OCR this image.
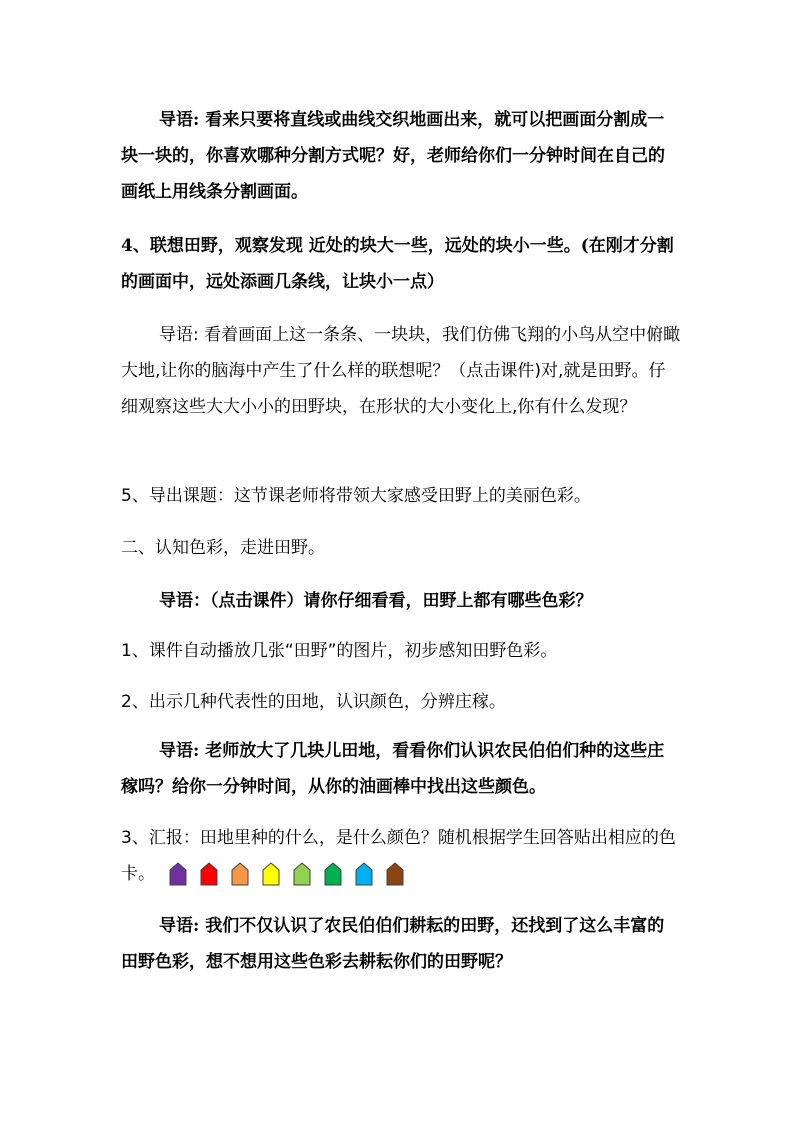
导语: 看来只要将直线或曲线交织地画出来，就可以把画面分割成一块一块的，你喜欢哪种分割方式呢？好，老师给你们一分钟时间在自己的画纸上用线条分割画面。

4、联想田野，观察发现 近处的块大一些，远处的块小一些。(在刚才分割的画面中，远处添画几条线，让块小一点）

导语: 看着画面上这一条条、一块块，我们仿佛飞翔的小鸟从空中俯瞰大地,让你的脑海中产生了什么样的联想呢？（点击课件)对,就是田野。仔细观察这些大大小小的田野块，在形状的大小变化上,你有什么发现？

5、导出课题：这节课老师将带领大家感受田野上的美丽色彩。

二、认知色彩，走进田野。

导语：（点击课件）请你仔细看看，田野上都有哪些色彩？

1、课件自动播放几张“田野”的图片，初步感知田野色彩。

2、出示几种代表性的田地，认识颜色，分辨庄稼。

导语: 老师放大了几块儿田地，看看你们认识农民伯伯们种的这些庄稼吗？给你一分钟时间，从你的油画棒中找出这些颜色。

3、汇报：田地里种的什么，是什么颜色？随机根据学生回答贴出相应的色卡。

导语: 我们不仅认识了农民伯伯们耕耘的田野，还找到了这么丰富的田野色彩，想不想用这些色彩去耕耘你们的田野呢？
